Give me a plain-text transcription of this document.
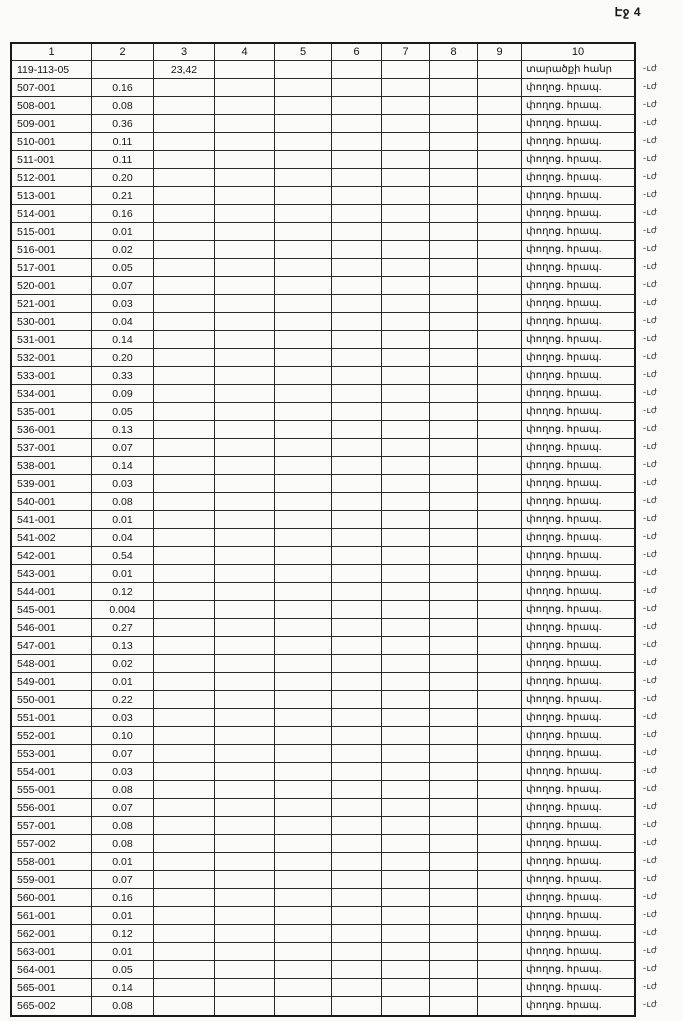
Էջ 4
1	2	3	4	5	6	7	8	9	10
119-113-05		23,42							տարածքի հանր
507-001	0.16								փողոց. հրապ.
508-001	0.08								փողոց. հրապ.
509-001	0.36								փողոց. հրապ.
510-001	0.11								փողոց. հրապ.
511-001	0.11								փողոց. հրապ.
512-001	0.20								փողոց. հրապ.
513-001	0.21								փողոց. հրապ.
514-001	0.16								փողոց. հրապ.
515-001	0.01								փողոց. հրապ.
516-001	0.02								փողոց. հրապ.
517-001	0.05								փողոց. հրապ.
520-001	0.07								փողոց. հրապ.
521-001	0.03								փողոց. հրապ.
530-001	0.04								փողոց. հրապ.
531-001	0.14								փողոց. հրապ.
532-001	0.20								փողոց. հրապ.
533-001	0.33								փողոց. հրապ.
534-001	0.09								փողոց. հրապ.
535-001	0.05								փողոց. հրապ.
536-001	0.13								փողոց. հրապ.
537-001	0.07								փողոց. հրապ.
538-001	0.14								փողոց. հրապ.
539-001	0.03								փողոց. հրապ.
540-001	0.08								փողոց. հրապ.
541-001	0.01								փողոց. հրապ.
541-002	0.04								փողոց. հրապ.
542-001	0.54								փողոց. հրապ.
543-001	0.01								փողոց. հրապ.
544-001	0.12								փողոց. հրապ.
545-001	0.004								փողոց. հրապ.
546-001	0.27								փողոց. հրապ.
547-001	0.13								փողոց. հրապ.
548-001	0.02								փողոց. հրապ.
549-001	0.01								փողոց. հրապ.
550-001	0.22								փողոց. հրապ.
551-001	0.03								փողոց. հրապ.
552-001	0.10								փողոց. հրապ.
553-001	0.07								փողոց. հրապ.
554-001	0.03								փողոց. հրապ.
555-001	0.08								փողոց. հրապ.
556-001	0.07								փողոց. հրապ.
557-001	0.08								փողոց. հրապ.
557-002	0.08								փողոց. հրապ.
558-001	0.01								փողոց. հրապ.
559-001	0.07								փողոց. հրապ.
560-001	0.16								փողոց. հրապ.
561-001	0.01								փողոց. հրապ.
562-001	0.12								փողոց. հրապ.
563-001	0.01								փողոց. հրապ.
564-001	0.05								փողոց. հրապ.
565-001	0.14								փողոց. հրապ.
565-002	0.08								փողոց. հրապ.
-ւժ
-ւժ
-ւժ
-ւժ
-ւժ
-ւժ
-ւժ
-ւժ
-ւժ
-ւժ
-ւժ
-ւժ
-ւժ
-ւժ
-ւժ
-ւժ
-ւժ
-ւժ
-ւժ
-ւժ
-ւժ
-ւժ
-ւժ
-ւժ
-ւժ
-ւժ
-ւժ
-ւժ
-ւժ
-ւժ
-ւժ
-ւժ
-ւժ
-ւժ
-ւժ
-ւժ
-ւժ
-ւժ
-ւժ
-ւժ
-ւժ
-ւժ
-ւժ
-ւժ
-ւժ
-ւժ
-ւժ
-ւժ
-ւժ
-ւժ
-ւժ
-ւժ
-ւժ
